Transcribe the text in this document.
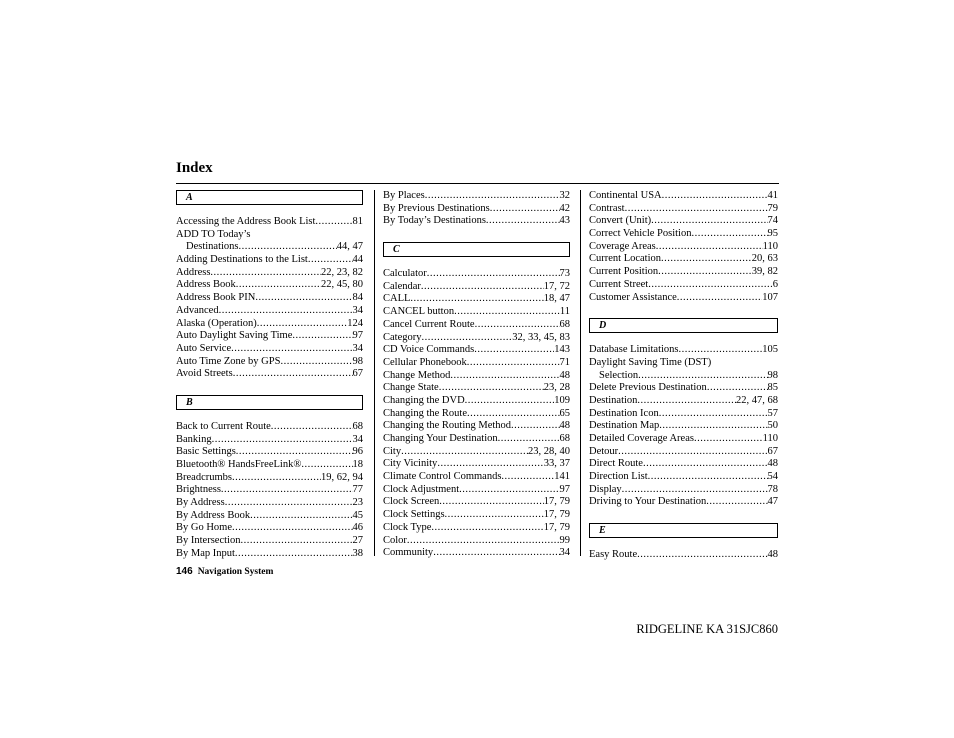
Index
A
Accessing the Address Book List .....	81
ADD TO Today’s
Destinations .....	44, 47
Adding Destinations to the List .....	44
Address .....	22, 23, 82
Address Book .....	22, 45, 80
Address Book PIN .....	84
Advanced .....	34
Alaska (Operation) .....	124
Auto Daylight Saving Time .....	97
Auto Service .....	34
Auto Time Zone by GPS .....	98
Avoid Streets .....	67
B
Back to Current Route .....	68
Banking .....	34
Basic Settings .....	96
Bluetooth® HandsFreeLink® .....	18
Breadcrumbs .....	19, 62, 94
Brightness .....	77
By Address .....	23
By Address Book .....	45
By Go Home .....	46
By Intersection .....	27
By Map Input .....	38
By Places .....	32
By Previous Destinations .....	42
By Today’s Destinations .....	43
C
Calculator .....	73
Calendar .....	17, 72
CALL .....	18, 47
CANCEL button .....	11
Cancel Current Route .....	68
Category .....	32, 33, 45, 83
CD Voice Commands .....	143
Cellular Phonebook .....	71
Change Method .....	48
Change State .....	23, 28
Changing the DVD .....	109
Changing the Route .....	65
Changing the Routing Method .....	48
Changing Your Destination .....	68
City .....	23, 28, 40
City Vicinity .....	33, 37
Climate Control Commands .....	141
Clock Adjustment .....	97
Clock Screen .....	17, 79
Clock Settings .....	17, 79
Clock Type .....	17, 79
Color .....	99
Community .....	34
Continental USA .....	41
Contrast .....	79
Convert (Unit) .....	74
Correct Vehicle Position .....	95
Coverage Areas .....	110
Current Location .....	20, 63
Current Position .....	39, 82
Current Street .....	6
Customer Assistance .....	107
D
Database Limitations .....	105
Daylight Saving Time (DST)
Selection .....	98
Delete Previous Destination .....	85
Destination .....	22, 47, 68
Destination Icon .....	57
Destination Map .....	50
Detailed Coverage Areas .....	110
Detour .....	67
Direct Route .....	48
Direction List .....	54
Display .....	78
Driving to Your Destination .....	47
E
Easy Route .....	48
146 Navigation System
RIDGELINE KA 31SJC860
